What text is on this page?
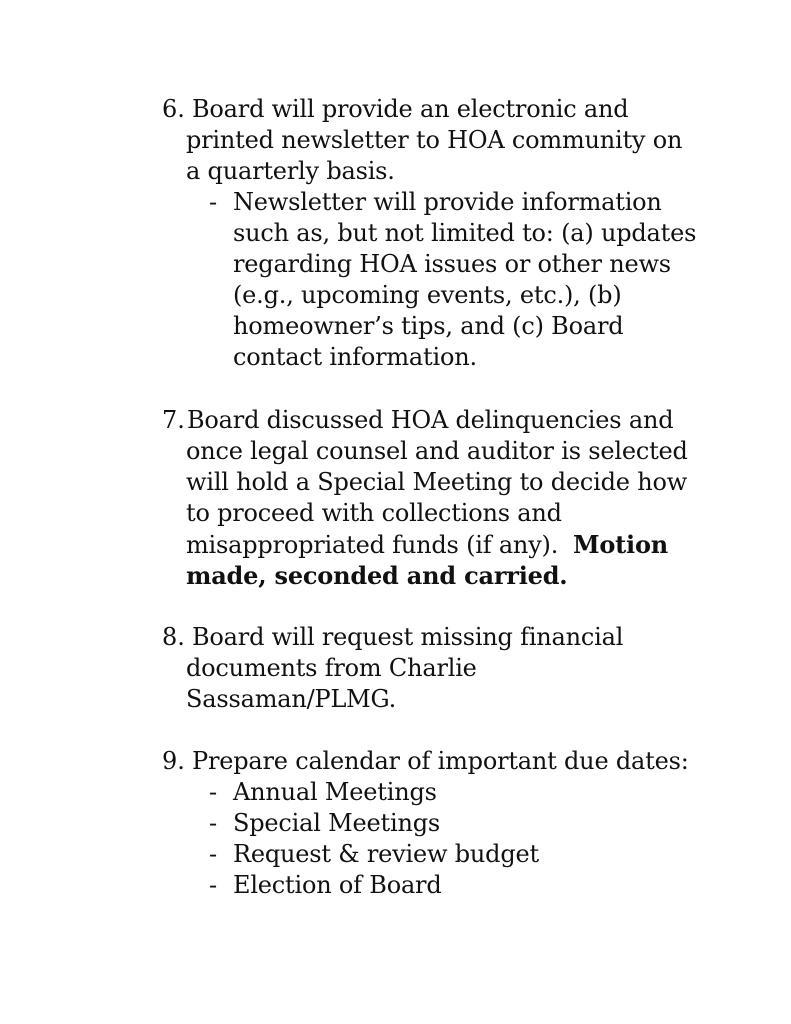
6. Board will provide an electronic and
printed newsletter to HOA community on
a quarterly basis.
- Newsletter will provide information
such as, but not limited to: (a) updates
regarding HOA issues or other news
(e.g., upcoming events, etc.), (b)
homeowner’s tips, and (c) Board
contact information.
7. Board discussed HOA delinquencies and
once legal counsel and auditor is selected
will hold a Special Meeting to decide how
to proceed with collections and
misappropriated funds (if any). Motion
made, seconded and carried.
8. Board will request missing financial
documents from Charlie
Sassaman/PLMG.
9. Prepare calendar of important due dates:
- Annual Meetings
- Special Meetings
- Request & review budget
- Election of Board
